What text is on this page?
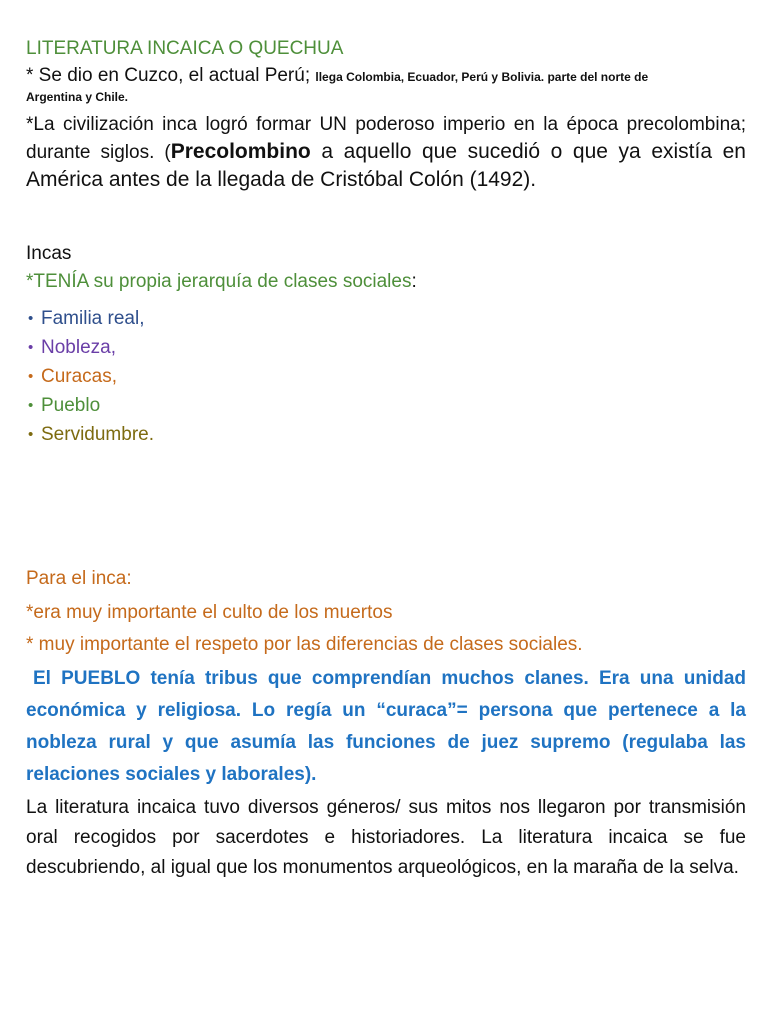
LITERATURA INCAICA O QUECHUA

* Se dio en Cuzco, el actual Perú; llega Colombia, Ecuador, Perú y Bolivia. parte del norte de

Argentina y Chile.

*La civilización inca logró formar UN poderoso imperio en la época precolombina; durante siglos. (Precolombino a aquello que sucedió o que ya existía en América antes de la llegada de Cristóbal Colón (1492).

Incas

*TENÍA su propia jerarquía de clases sociales:

• Familia real,
• Nobleza,
• Curacas,
• Pueblo
• Servidumbre.

Para el inca:

*era muy importante el culto de los muertos

* muy importante el respeto por las diferencias de clases sociales.

El PUEBLO tenía tribus que comprendían muchos clanes. Era una unidad económica y religiosa. Lo regía un “curaca”= persona que pertenece a la nobleza rural y que asumía las funciones de juez supremo (regulaba las relaciones sociales y laborales).

La literatura incaica tuvo diversos géneros/ sus mitos nos llegaron por transmisión oral recogidos por sacerdotes e historiadores. La literatura incaica se fue descubriendo, al igual que los monumentos arqueológicos, en la maraña de la selva.
